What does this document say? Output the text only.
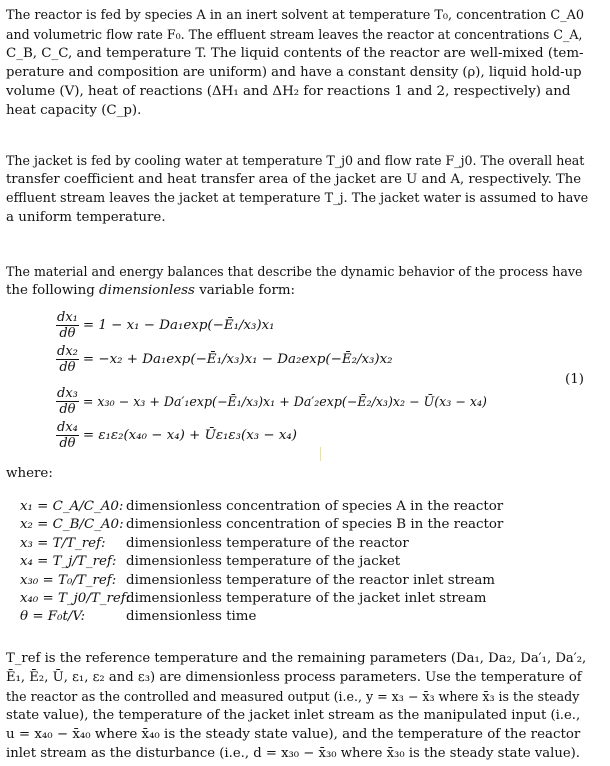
The reactor is fed by species A in an inert solvent at temperature T₀, concentration C_A0
and volumetric flow rate F₀. The effluent stream leaves the reactor at concentrations C_A,
C_B, C_C, and temperature T. The liquid contents of the reactor are well-mixed (tem-
perature and composition are uniform) and have a constant density (ρ), liquid hold-up
volume (V), heat of reactions (ΔH₁ and ΔH₂ for reactions 1 and 2, respectively) and
heat capacity (C_p).
The jacket is fed by cooling water at temperature T_j0 and flow rate F_j0. The overall heat
transfer coefficient and heat transfer area of the jacket are U and A, respectively. The
effluent stream leaves the jacket at temperature T_j. The jacket water is assumed to have
a uniform temperature.
The material and energy balances that describe the dynamic behavior of the process have
the following dimensionless variable form:
$\frac{\text{dx₁}}{d\theta} = 1 - x_1$ − Da₁exp(−Ē₁/x₃)x₁
$\frac{\text{dx₂}}{d\theta} = -x_2$ + Da₁exp(−Ē₁/x₃)x₁ − Da₂exp(−Ē₂/x₃)x₂
$\frac{\text{dx₃}}{d\theta} = x_{30} - x_3$ + Da′₁exp(−Ē₁/x₃)x₁ + Da′₂exp(−Ē₂/x₃)x₂ − Ū(x₃ − x₄)
$\frac{\text{dx₄}}{d\theta} = \varepsilon_1\varepsilon_2(x_{40} - x_4)$ + Ūε₁ε₃(x₃ − x₄)
(1)
where:
x₁ = C_A/C_A0: dimensionless concentration of species A in the reactor
x₂ = C_B/C_A0: dimensionless concentration of species B in the reactor
x₃ = T/T_ref:	dimensionless temperature of the reactor
x₄ = T_j/T_ref: dimensionless temperature of the jacket
x₃₀ = T₀/T_ref: dimensionless temperature of the reactor inlet stream
x₄₀ = T_j0/T_ref:
dimensionless temperature of the jacket inlet stream
θ = F₀t/V:	dimensionless time
T_ref is the reference temperature and the remaining parameters (Da₁, Da₂, Da′₁, Da′₂,
Ē₁, Ē₂, Ū, ε₁, ε₂ and ε₃) are dimensionless process parameters. Use the temperature of
the reactor as the controlled and measured output (i.e., y = x₃ − x̄₃ where x̄₃ is the steady
state value), the temperature of the jacket inlet stream as the manipulated input (i.e.,
u = x₄₀ − x̄₄₀ where x̄₄₀ is the steady state value), and the temperature of the reactor
inlet stream as the disturbance (i.e., d = x₃₀ − x̄₃₀ where x̄₃₀ is the steady state value).
